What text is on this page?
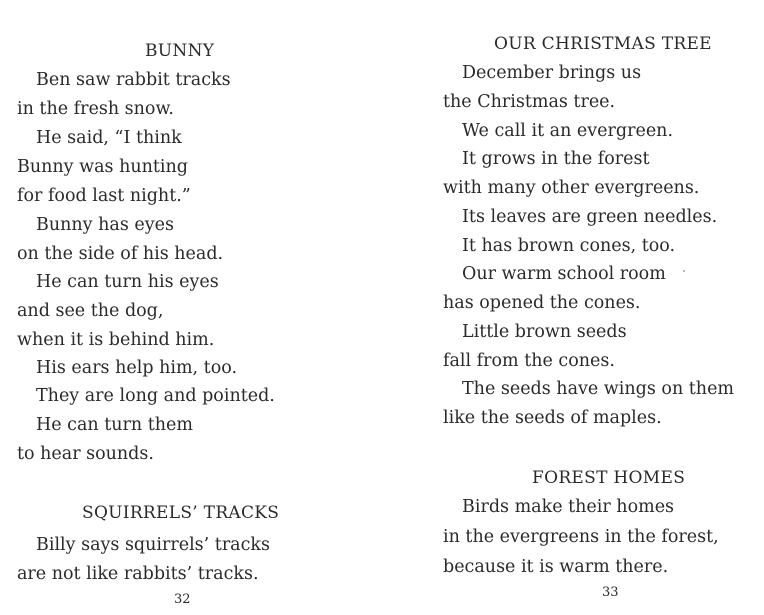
BUNNY
Ben saw rabbit tracks
in the fresh snow.
He said, “I think
Bunny was hunting
for food last night.”
Bunny has eyes
on the side of his head.
He can turn his eyes
and see the dog,
when it is behind him.
His ears help him, too.
They are long and pointed.
He can turn them
to hear sounds.
SQUIRRELS’ TRACKS
Billy says squirrels’ tracks
are not like rabbits’ tracks.
32
OUR CHRISTMAS TREE
December brings us
the Christmas tree.
We call it an evergreen.
It grows in the forest
with many other evergreens.
Its leaves are green needles.
It has brown cones, too.
Our warm school room
has opened the cones.
Little brown seeds
fall from the cones.
The seeds have wings on them
like the seeds of maples.
FOREST HOMES
Birds make their homes
in the evergreens in the forest,
because it is warm there.
33
